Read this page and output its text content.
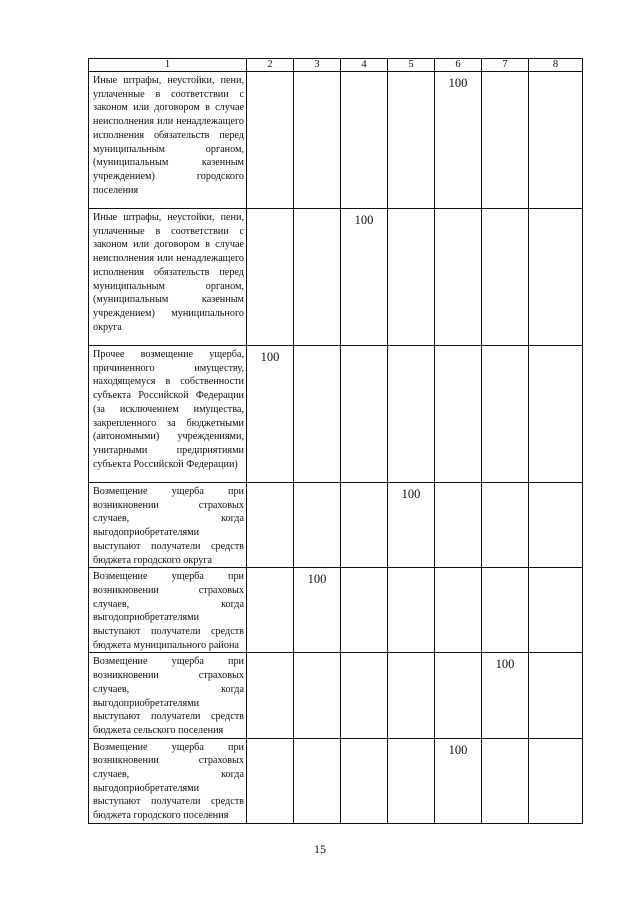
1	2	3	4	5	6	7	8
Иные штрафы, неустойки, пени, уплаченные в соответствии с законом или договором в случае неисполнения или ненадлежащего исполнения обязательств перед муниципальным органом, (муниципальным казенным учреждением) городского поселения					100		
Иные штрафы, неустойки, пени, уплаченные в соответствии с законом или договором в случае неисполнения или ненадлежащего исполнения обязательств перед муниципальным органом, (муниципальным казенным учреждением) муниципального округа			100				
Прочее возмещение ущерба, причиненного имуществу, находящемуся в собственности субъекта Российской Федерации (за исключением имущества, закрепленного за бюджетными (автономными) учреждениями, унитарными предприятиями субъекта Российской Федерации)	100						
Возмещение ущерба при возникновении страховых случаев, когда выгодоприобретателями выступают получатели средств бюджета городского округа				100			
Возмещение ущерба при возникновении страховых случаев, когда выгодоприобретателями выступают получатели средств бюджета муниципального района		100					
Возмещение ущерба при возникновении страховых случаев, когда выгодоприобретателями выступают получатели средств бюджета сельского поселения						100	
Возмещение ущерба при возникновении страховых случаев, когда выгодоприобретателями выступают получатели средств бюджета городского поселения					100		
15
